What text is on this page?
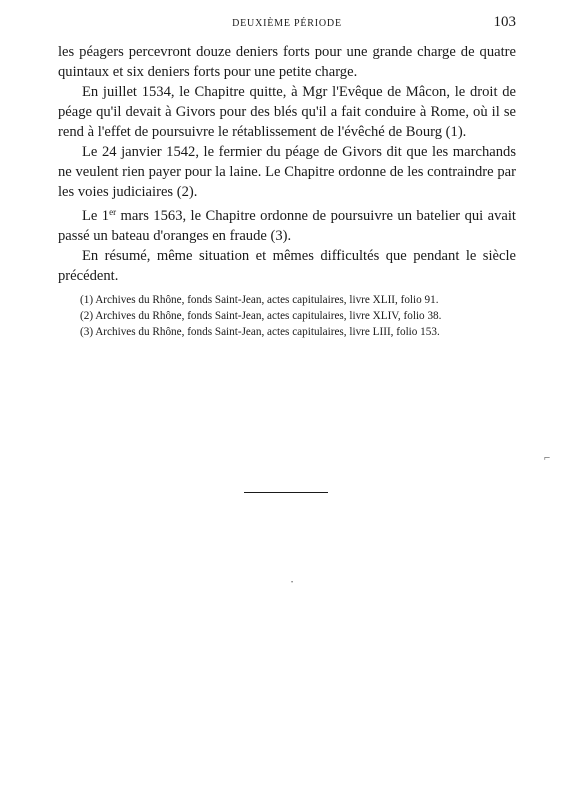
DEUXIÈME PÉRIODE	103

les péagers percevront douze deniers forts pour une grande charge de quatre quintaux et six deniers forts pour une petite charge.

En juillet 1534, le Chapitre quitte, à Mgr l'Evêque de Mâcon, le droit de péage qu'il devait à Givors pour des blés qu'il a fait conduire à Rome, où il se rend à l'effet de poursuivre le rétablissement de l'évêché de Bourg (1).

Le 24 janvier 1542, le fermier du péage de Givors dit que les marchands ne veulent rien payer pour la laine. Le Chapitre ordonne de les contraindre par les voies judiciaires (2).

Le 1er mars 1563, le Chapitre ordonne de poursuivre un batelier qui avait passé un bateau d'oranges en fraude (3).

En résumé, même situation et mêmes difficultés que pendant le siècle précédent.

(1) Archives du Rhône, fonds Saint-Jean, actes capitulaires, livre XLII, folio 91.

(2) Archives du Rhône, fonds Saint-Jean, actes capitulaires, livre XLIV, folio 38.

(3) Archives du Rhône, fonds Saint-Jean, actes capitulaires, livre LIII, folio 153.

⌐
•
